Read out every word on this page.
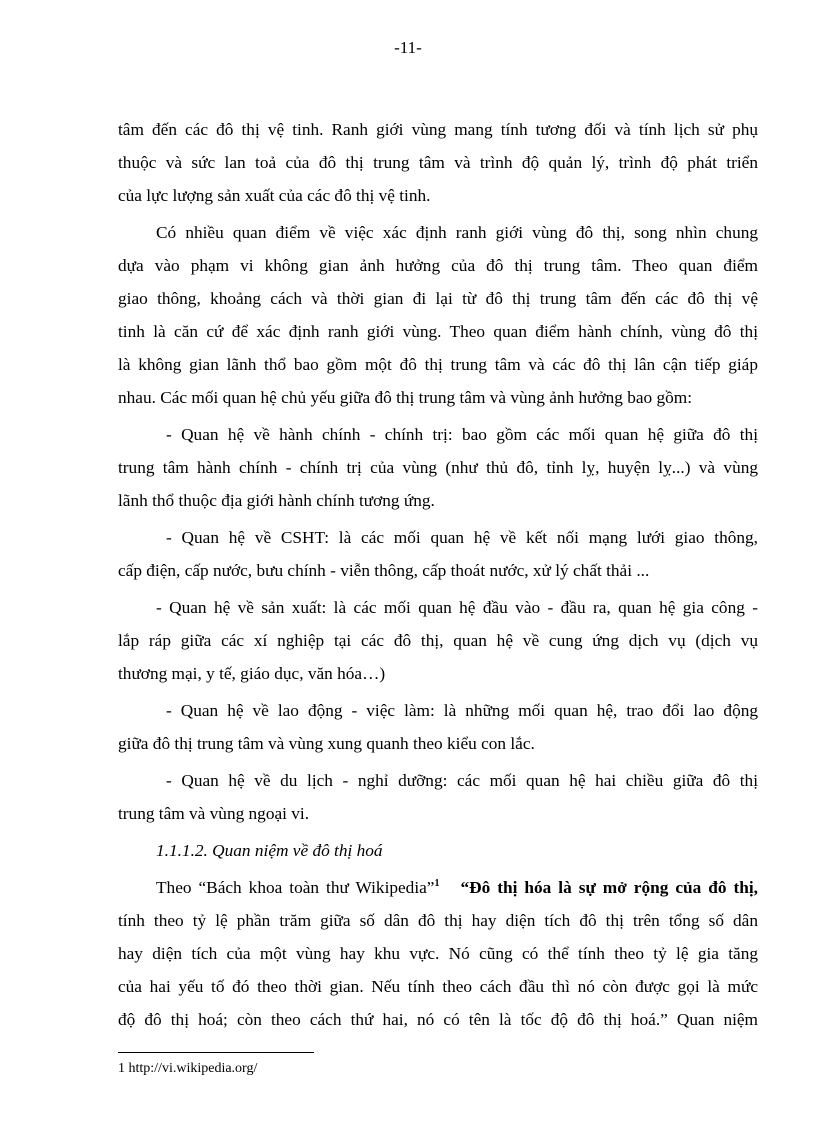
-11-
tâm đến các đô thị vệ tinh. Ranh giới vùng mang tính tương đối và tính lịch sử phụ
thuộc và sức lan toả của đô thị trung tâm và trình độ quản lý, trình độ phát triển
của lực lượng sản xuất của các đô thị vệ tinh.
Có nhiều quan điểm về việc xác định ranh giới vùng đô thị, song nhìn chung
dựa vào phạm vi không gian ảnh hưởng của đô thị trung tâm. Theo quan điểm
giao thông, khoảng cách và thời gian đi lại từ đô thị trung tâm đến các đô thị vệ
tinh là căn cứ để xác định ranh giới vùng. Theo quan điểm hành chính, vùng đô thị
là không gian lãnh thổ bao gồm một đô thị trung tâm và các đô thị lân cận tiếp giáp
nhau. Các mối quan hệ chủ yếu giữa đô thị trung tâm và vùng ảnh hưởng bao gồm:
- Quan hệ về hành chính - chính trị: bao gồm các mối quan hệ giữa đô thị
trung tâm hành chính - chính trị của vùng (như thủ đô, tỉnh lỵ, huyện lỵ...) và vùng
lãnh thổ thuộc địa giới hành chính tương ứng.
- Quan hệ về CSHT: là các mối quan hệ về kết nối mạng lưới giao thông,
cấp điện, cấp nước, bưu chính - viễn thông, cấp thoát nước, xử lý chất thải ...
- Quan hệ về sản xuất: là các mối quan hệ đầu vào - đầu ra, quan hệ gia công -
lắp ráp giữa các xí nghiệp tại các đô thị, quan hệ về cung ứng dịch vụ (dịch vụ
thương mại, y tế, giáo dục, văn hóa…)
- Quan hệ về lao động - việc làm: là những mối quan hệ, trao đổi lao động
giữa đô thị trung tâm và vùng xung quanh theo kiểu con lắc.
- Quan hệ về du lịch - nghỉ dưỡng: các mối quan hệ hai chiều giữa đô thị
trung tâm và vùng ngoại vi.
1.1.1.2. Quan niệm về đô thị hoá
Theo “Bách khoa toàn thư Wikipedia”$^1$ “Đô thị hóa là sự mở rộng của đô thị,
tính theo tỷ lệ phần trăm giữa số dân đô thị hay diện tích đô thị trên tổng số dân
hay diện tích của một vùng hay khu vực. Nó cũng có thể tính theo tỷ lệ gia tăng
của hai yếu tố đó theo thời gian. Nếu tính theo cách đầu thì nó còn được gọi là mức
độ đô thị hoá; còn theo cách thứ hai, nó có tên là tốc độ đô thị hoá.” Quan niệm
1 http://vi.wikipedia.org/
